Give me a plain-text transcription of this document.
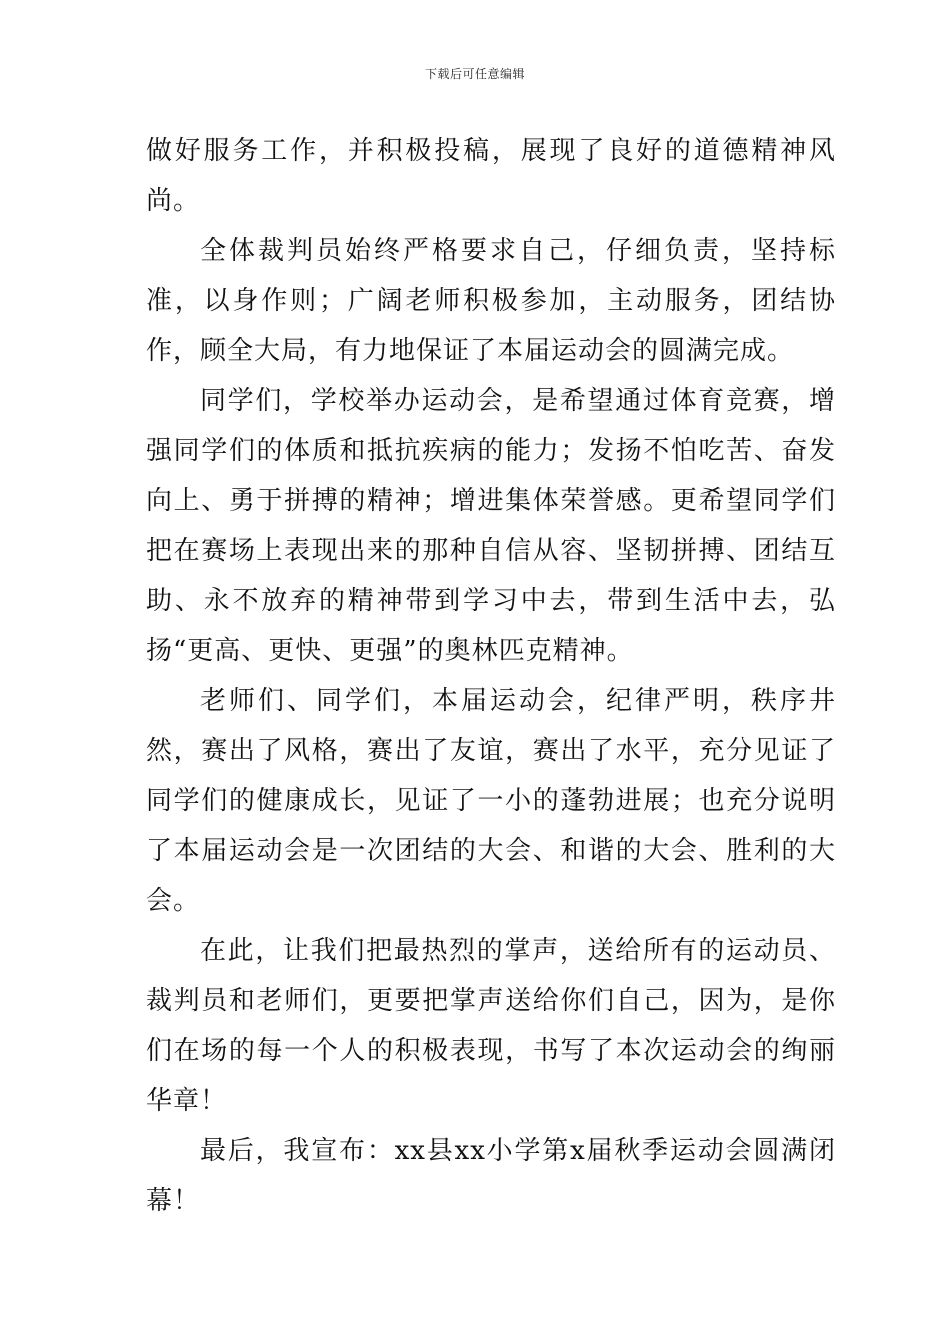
下载后可任意编辑

做好服务工作，并积极投稿，展现了良好的道德精神风尚。

全体裁判员始终严格要求自己，仔细负责，坚持标准，以身作则；广阔老师积极参加，主动服务，团结协作，顾全大局，有力地保证了本届运动会的圆满完成。

同学们，学校举办运动会，是希望通过体育竞赛，增强同学们的体质和抵抗疾病的能力；发扬不怕吃苦、奋发向上、勇于拼搏的精神；增进集体荣誉感。更希望同学们把在赛场上表现出来的那种自信从容、坚韧拼搏、团结互助、永不放弃的精神带到学习中去，带到生活中去，弘扬“更高、更快、更强”的奥林匹克精神。

老师们、同学们，本届运动会，纪律严明，秩序井然，赛出了风格，赛出了友谊，赛出了水平，充分见证了同学们的健康成长，见证了一小的蓬勃进展；也充分说明了本届运动会是一次团结的大会、和谐的大会、胜利的大会。

在此，让我们把最热烈的掌声，送给所有的运动员、裁判员和老师们，更要把掌声送给你们自己，因为，是你们在场的每一个人的积极表现，书写了本次运动会的绚丽华章！

最后，我宣布：xx县xx小学第x届秋季运动会圆满闭幕！
